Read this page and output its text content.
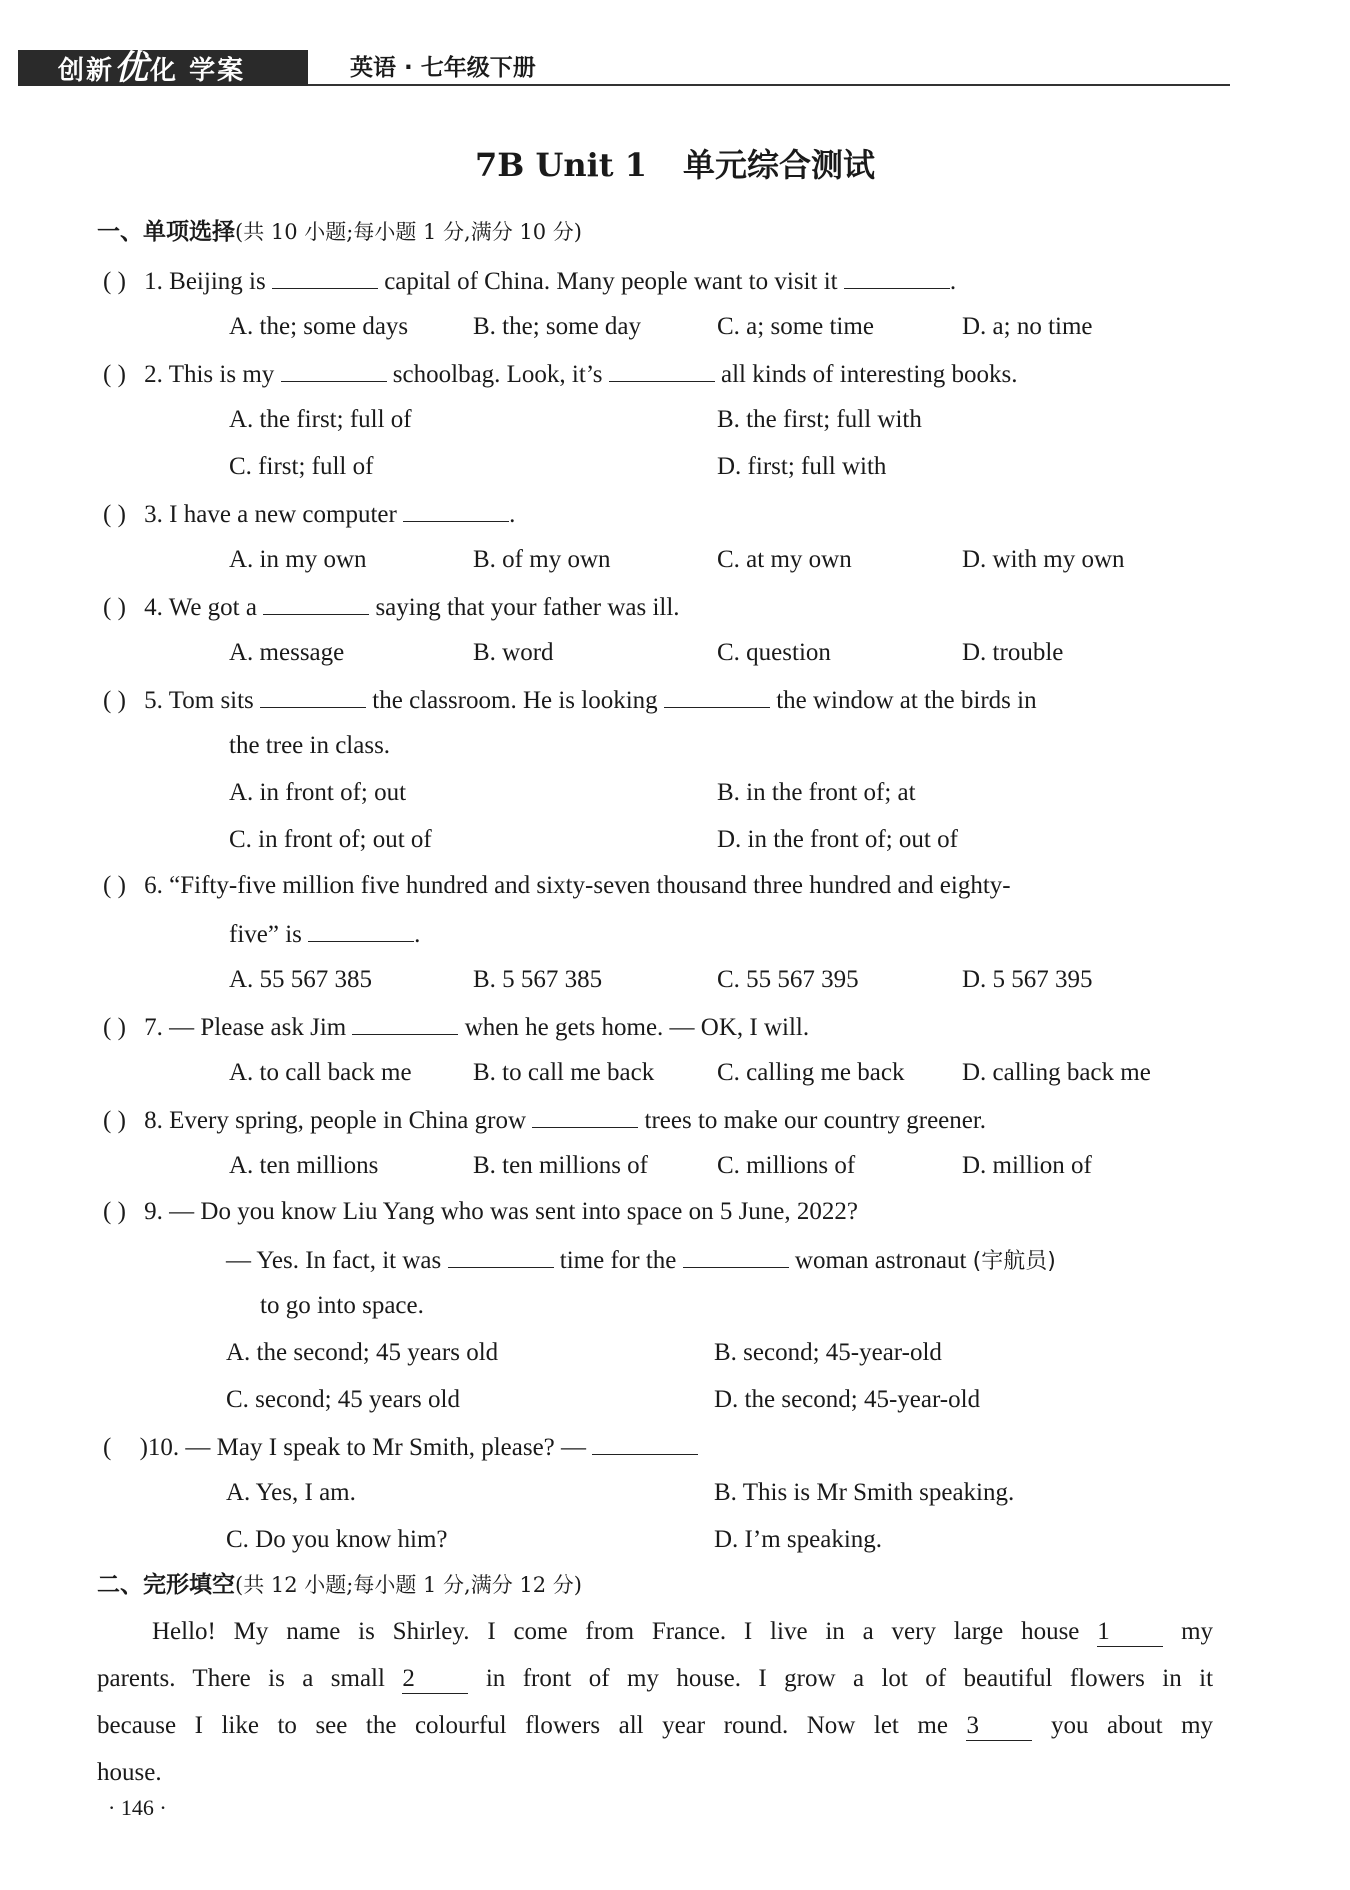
创新优化 学案	英语 · 七年级下册
7B Unit 1 单元综合测试
一、单项选择(共 10 小题;每小题 1 分,满分 10 分)
( ) 1. Beijing is	capital of China. Many people want to visit it	.
A. the; some days	B. the; some day	C. a; some time	D. a; no time
( ) 2. This is my	schoolbag. Look, it’s	all kinds of interesting books.
A. the first; full of	B. the first; full with
C. first; full of	D. first; full with
( ) 3. I have a new computer	.
A. in my own	B. of my own	C. at my own	D. with my own
( ) 4. We got a	saying that your father was ill.
A. message	B. word	C. question	D. trouble
( ) 5. Tom sits	the classroom. He is looking	the window at the birds in
the tree in class.
A. in front of; out	B. in the front of; at
C. in front of; out of	D. in the front of; out of
( ) 6. “Fifty-five million five hundred and sixty-seven thousand three hundred and eighty-
five” is	.
A. 55 567 385	B. 5 567 385	C. 55 567 395	D. 5 567 395
( ) 7. — Please ask Jim	when he gets home. — OK, I will.
A. to call back me B. to call me back	C. calling me back D. calling back me
( ) 8. Every spring, people in China grow	trees to make our country greener.
A. ten millions	B. ten millions of	C. millions of	D. million of
( ) 9. — Do you know Liu Yang who was sent into space on 5 June, 2022?
— Yes. In fact, it was	time for the	woman astronaut (宇航员)
to go into space.
A. the second; 45 years old	B. second; 45-year-old
C. second; 45 years old	D. the second; 45-year-old
( )10. — May I speak to Mr Smith, please? —
A. Yes, I am.	B. This is Mr Smith speaking.
C. Do you know him?	D. I’m speaking.
二、完形填空(共 12 小题;每小题 1 分,满分 12 分)
Hello! My name is Shirley. I come from France. I live in a very large house 1	my
parents. There is a small 2	in front of my house. I grow a lot of beautiful flowers in it
because I like to see the colourful flowers all year round. Now let me 3	you about my
house.
· 146 ·
